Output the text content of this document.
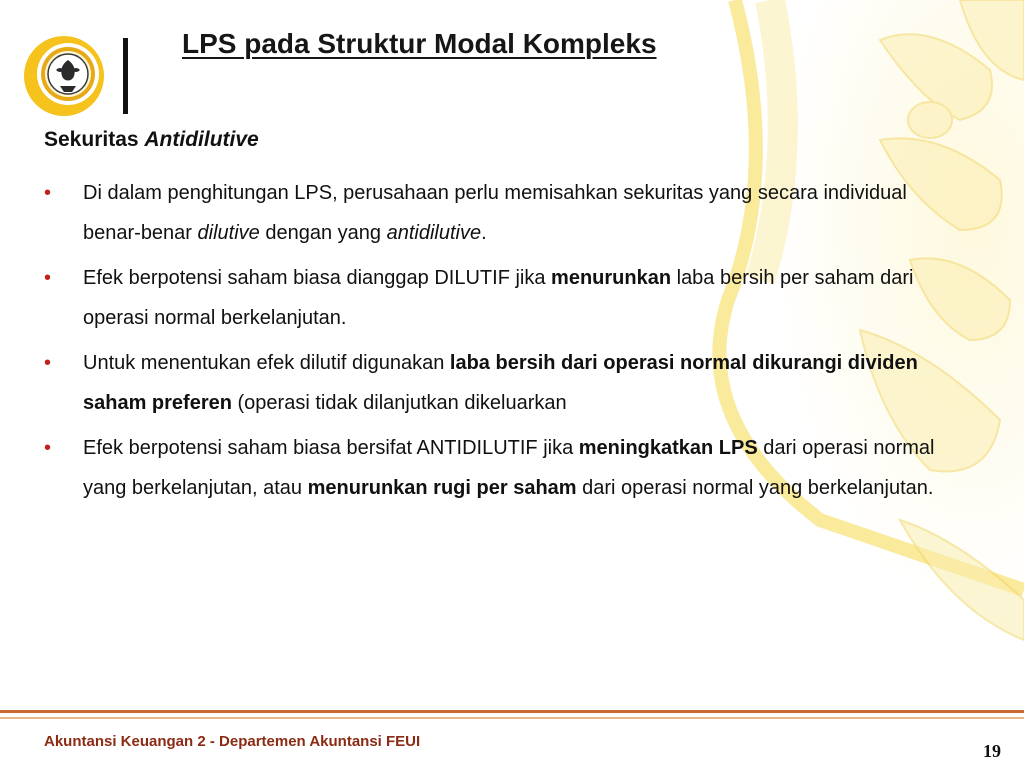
LPS pada Struktur Modal Kompleks
Sekuritas Antidilutive
• Di dalam penghitungan LPS, perusahaan perlu memisahkan sekuritas yang secara individual benar-benar dilutive dengan yang antidilutive.
• Efek berpotensi saham biasa dianggap DILUTIF jika menurunkan laba bersih per saham dari operasi normal berkelanjutan.
• Untuk menentukan efek dilutif digunakan laba bersih dari operasi normal dikurangi dividen saham preferen (operasi tidak dilanjutkan dikeluarkan
• Efek berpotensi saham biasa bersifat ANTIDILUTIF jika meningkatkan LPS dari operasi normal yang berkelanjutan, atau menurunkan rugi per saham dari operasi normal yang berkelanjutan.
Akuntansi Keuangan 2 - Departemen Akuntansi FEUI	19
